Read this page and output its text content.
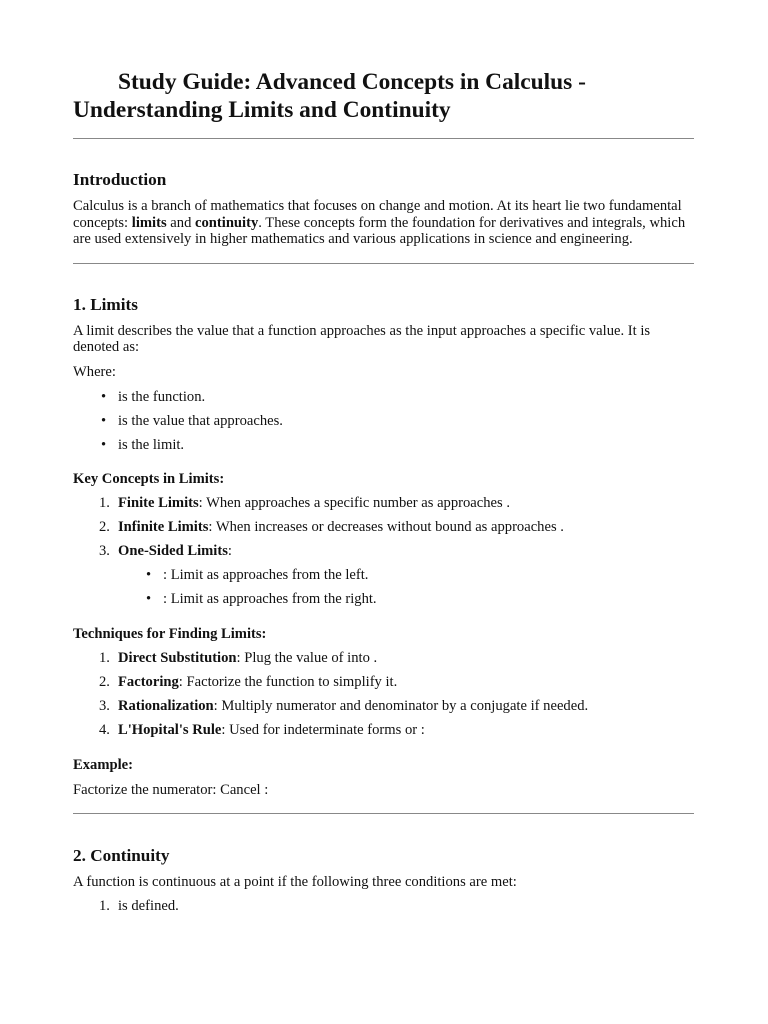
Study Guide: Advanced Concepts in Calculus -
Understanding Limits and Continuity
Introduction

Calculus is a branch of mathematics that focuses on change and motion. At its heart lie two fundamental concepts: limits and continuity. These concepts form the foundation for derivatives and integrals, which are used extensively in higher mathematics and various applications in science and engineering.

1. Limits

A limit describes the value that a function approaches as the input approaches a specific value. It is denoted as:

Where:

• is the function.
• is the value that approaches.
• is the limit.
Key Concepts in Limits:
1. Finite Limits: When approaches a specific number as approaches .
2. Infinite Limits: When increases or decreases without bound as approaches .
3. One-Sided Limits:
• : Limit as approaches from the left.
• : Limit as approaches from the right.
Techniques for Finding Limits:
1. Direct Substitution: Plug the value of into .
2. Factoring: Factorize the function to simplify it.
3. Rationalization: Multiply numerator and denominator by a conjugate if needed.
4. L'Hopital's Rule: Used for indeterminate forms or :
Example:

Factorize the numerator: Cancel :

2. Continuity

A function is continuous at a point if the following three conditions are met:

1. is defined.
